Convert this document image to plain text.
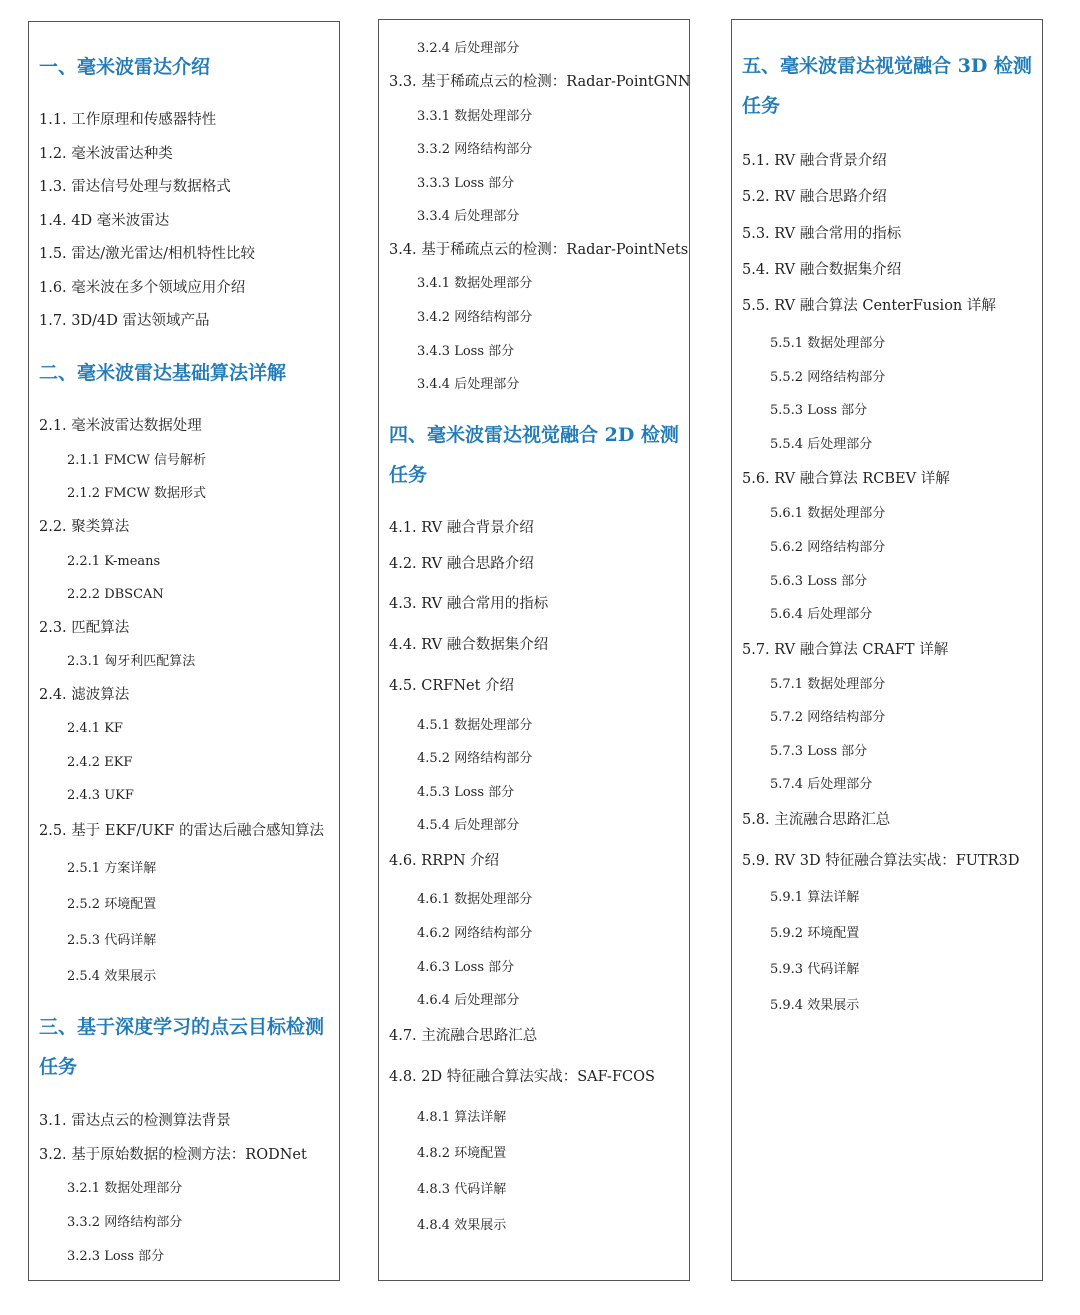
一、毫米波雷达介绍
1.1. 工作原理和传感器特性
1.2. 毫米波雷达种类
1.3. 雷达信号处理与数据格式
1.4. 4D 毫米波雷达
1.5. 雷达/激光雷达/相机特性比较
1.6. 毫米波在多个领域应用介绍
1.7. 3D/4D 雷达领域产品
二、毫米波雷达基础算法详解
2.1. 毫米波雷达数据处理
2.1.1 FMCW 信号解析
2.1.2 FMCW 数据形式
2.2. 聚类算法
2.2.1 K-means
2.2.2 DBSCAN
2.3. 匹配算法
2.3.1 匈牙利匹配算法
2.4. 滤波算法
2.4.1 KF
2.4.2 EKF
2.4.3 UKF
2.5. 基于 EKF/UKF 的雷达后融合感知算法
2.5.1 方案详解
2.5.2 环境配置
2.5.3 代码详解
2.5.4 效果展示
三、基于深度学习的点云目标检测
任务
3.1. 雷达点云的检测算法背景
3.2. 基于原始数据的检测方法：RODNet
3.2.1 数据处理部分
3.3.2 网络结构部分
3.2.3 Loss 部分
3.2.4 后处理部分
3.3. 基于稀疏点云的检测：Radar-PointGNN
3.3.1 数据处理部分
3.3.2 网络结构部分
3.3.3 Loss 部分
3.3.4 后处理部分
3.4. 基于稀疏点云的检测：Radar-PointNets
3.4.1 数据处理部分
3.4.2 网络结构部分
3.4.3 Loss 部分
3.4.4 后处理部分
四、毫米波雷达视觉融合 2D 检测
任务
4.1. RV 融合背景介绍
4.2. RV 融合思路介绍
4.3. RV 融合常用的指标
4.4. RV 融合数据集介绍
4.5. CRFNet 介绍
4.5.1 数据处理部分
4.5.2 网络结构部分
4.5.3 Loss 部分
4.5.4 后处理部分
4.6. RRPN 介绍
4.6.1 数据处理部分
4.6.2 网络结构部分
4.6.3 Loss 部分
4.6.4 后处理部分
4.7. 主流融合思路汇总
4.8. 2D 特征融合算法实战：SAF-FCOS
4.8.1 算法详解
4.8.2 环境配置
4.8.3 代码详解
4.8.4 效果展示
五、毫米波雷达视觉融合 3D 检测
任务
5.1. RV 融合背景介绍
5.2. RV 融合思路介绍
5.3. RV 融合常用的指标
5.4. RV 融合数据集介绍
5.5. RV 融合算法 CenterFusion 详解
5.5.1 数据处理部分
5.5.2 网络结构部分
5.5.3 Loss 部分
5.5.4 后处理部分
5.6. RV 融合算法 RCBEV 详解
5.6.1 数据处理部分
5.6.2 网络结构部分
5.6.3 Loss 部分
5.6.4 后处理部分
5.7. RV 融合算法 CRAFT 详解
5.7.1 数据处理部分
5.7.2 网络结构部分
5.7.3 Loss 部分
5.7.4 后处理部分
5.8. 主流融合思路汇总
5.9. RV 3D 特征融合算法实战：FUTR3D
5.9.1 算法详解
5.9.2 环境配置
5.9.3 代码详解
5.9.4 效果展示
